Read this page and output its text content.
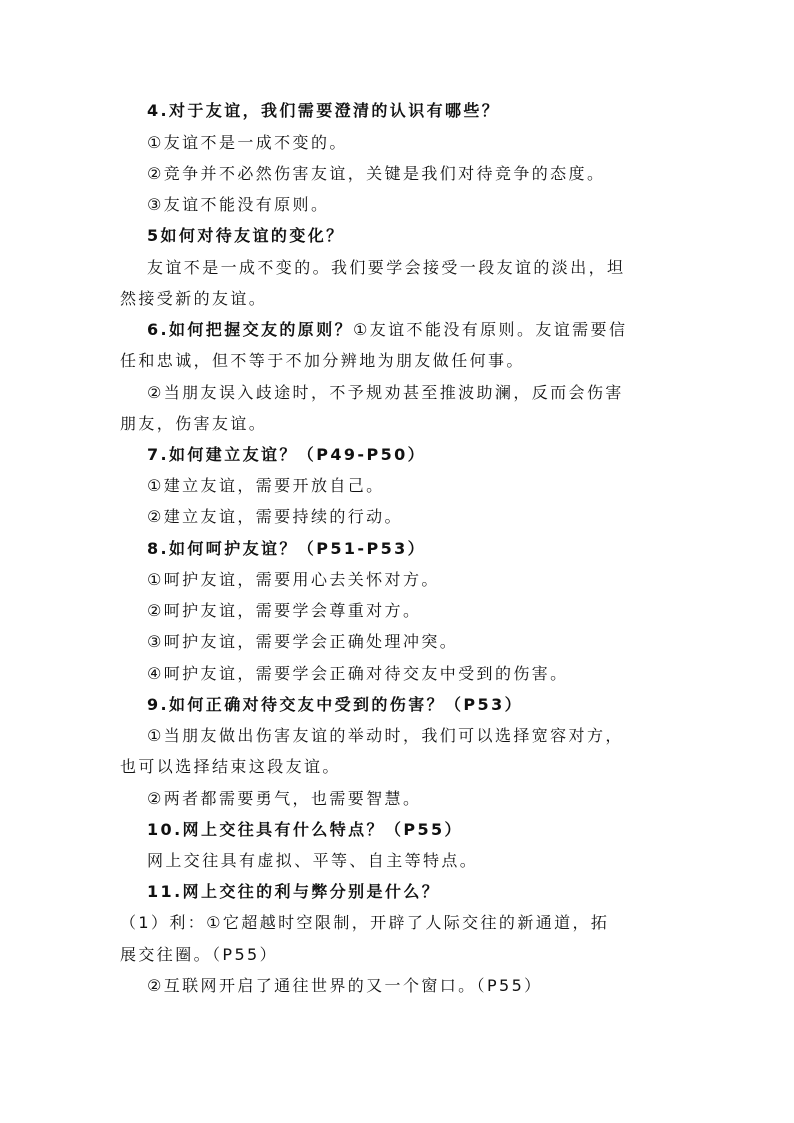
4.对于友谊，我们需要澄清的认识有哪些？
①友谊不是一成不变的。
②竞争并不必然伤害友谊，关键是我们对待竞争的态度。
③友谊不能没有原则。
5如何对待友谊的变化？
友谊不是一成不变的。我们要学会接受一段友谊的淡出，坦
然接受新的友谊。
6.如何把握交友的原则？①友谊不能没有原则。友谊需要信
任和忠诚，但不等于不加分辨地为朋友做任何事。
②当朋友误入歧途时，不予规劝甚至推波助澜，反而会伤害
朋友，伤害友谊。
7.如何建立友谊？（P49-P50）
①建立友谊，需要开放自己。
②建立友谊，需要持续的行动。
8.如何呵护友谊？（P51-P53）
①呵护友谊，需要用心去关怀对方。
②呵护友谊，需要学会尊重对方。
③呵护友谊，需要学会正确处理冲突。
④呵护友谊，需要学会正确对待交友中受到的伤害。
9.如何正确对待交友中受到的伤害？（P53）
①当朋友做出伤害友谊的举动时，我们可以选择宽容对方，
也可以选择结束这段友谊。
②两者都需要勇气，也需要智慧。
10.网上交往具有什么特点？（P55）
网上交往具有虚拟、平等、自主等特点。
11.网上交往的利与弊分别是什么？
（1）利：①它超越时空限制，开辟了人际交往的新通道，拓
展交往圈。（P55）
②互联网开启了通往世界的又一个窗口。（P55）
